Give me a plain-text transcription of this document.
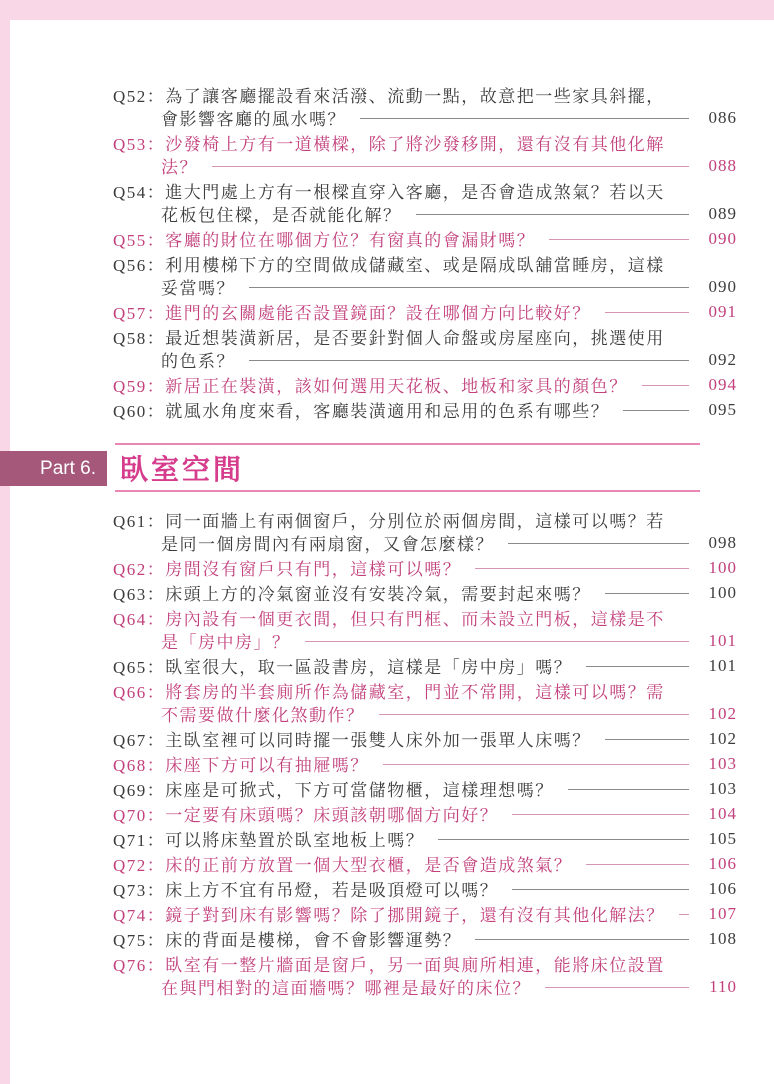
Q52： 為了讓客廳擺設看來活潑、流動一點，故意把一些家具斜擺，
會影響客廳的風水嗎？	086
Q53： 沙發椅上方有一道橫樑，除了將沙發移開，還有沒有其他化解
法？	088
Q54： 進大門處上方有一根樑直穿入客廳，是否會造成煞氣？若以天
花板包住樑，是否就能化解？	089
Q55： 客廳的財位在哪個方位？有窗真的會漏財嗎？	090
Q56： 利用樓梯下方的空間做成儲藏室、或是隔成臥舖當睡房，這樣
妥當嗎？	090
Q57： 進門的玄關處能否設置鏡面？設在哪個方向比較好？	091
Q58： 最近想裝潢新居，是否要針對個人命盤或房屋座向，挑選使用
的色系？	092
Q59： 新居正在裝潢，該如何選用天花板、地板和家具的顏色？	094
Q60： 就風水角度來看，客廳裝潢適用和忌用的色系有哪些？	095
臥室空間
Part 6.
Q61： 同一面牆上有兩個窗戶，分別位於兩個房間，這樣可以嗎？若
是同一個房間內有兩扇窗，又會怎麼樣？	098
Q62： 房間沒有窗戶只有門，這樣可以嗎？	100
Q63： 床頭上方的冷氣窗並沒有安裝冷氣，需要封起來嗎？	100
Q64： 房內設有一個更衣間，但只有門框、而未設立門板，這樣是不
是「房中房」？	101
Q65： 臥室很大，取一區設書房，這樣是「房中房」嗎？	101
Q66： 將套房的半套廁所作為儲藏室，門並不常開，這樣可以嗎？需
不需要做什麼化煞動作？	102
Q67： 主臥室裡可以同時擺一張雙人床外加一張單人床嗎？	102
Q68： 床座下方可以有抽屜嗎？	103
Q69： 床座是可掀式，下方可當儲物櫃，這樣理想嗎？	103
Q70： 一定要有床頭嗎？床頭該朝哪個方向好？	104
Q71： 可以將床墊置於臥室地板上嗎？	105
Q72： 床的正前方放置一個大型衣櫃，是否會造成煞氣？	106
Q73： 床上方不宜有吊燈，若是吸頂燈可以嗎？	106
Q74： 鏡子對到床有影響嗎？除了挪開鏡子，還有沒有其他化解法？	107
Q75： 床的背面是樓梯，會不會影響運勢？	108
Q76： 臥室有一整片牆面是窗戶，另一面與廁所相連，能將床位設置
在與門相對的這面牆嗎？哪裡是最好的床位？	110
